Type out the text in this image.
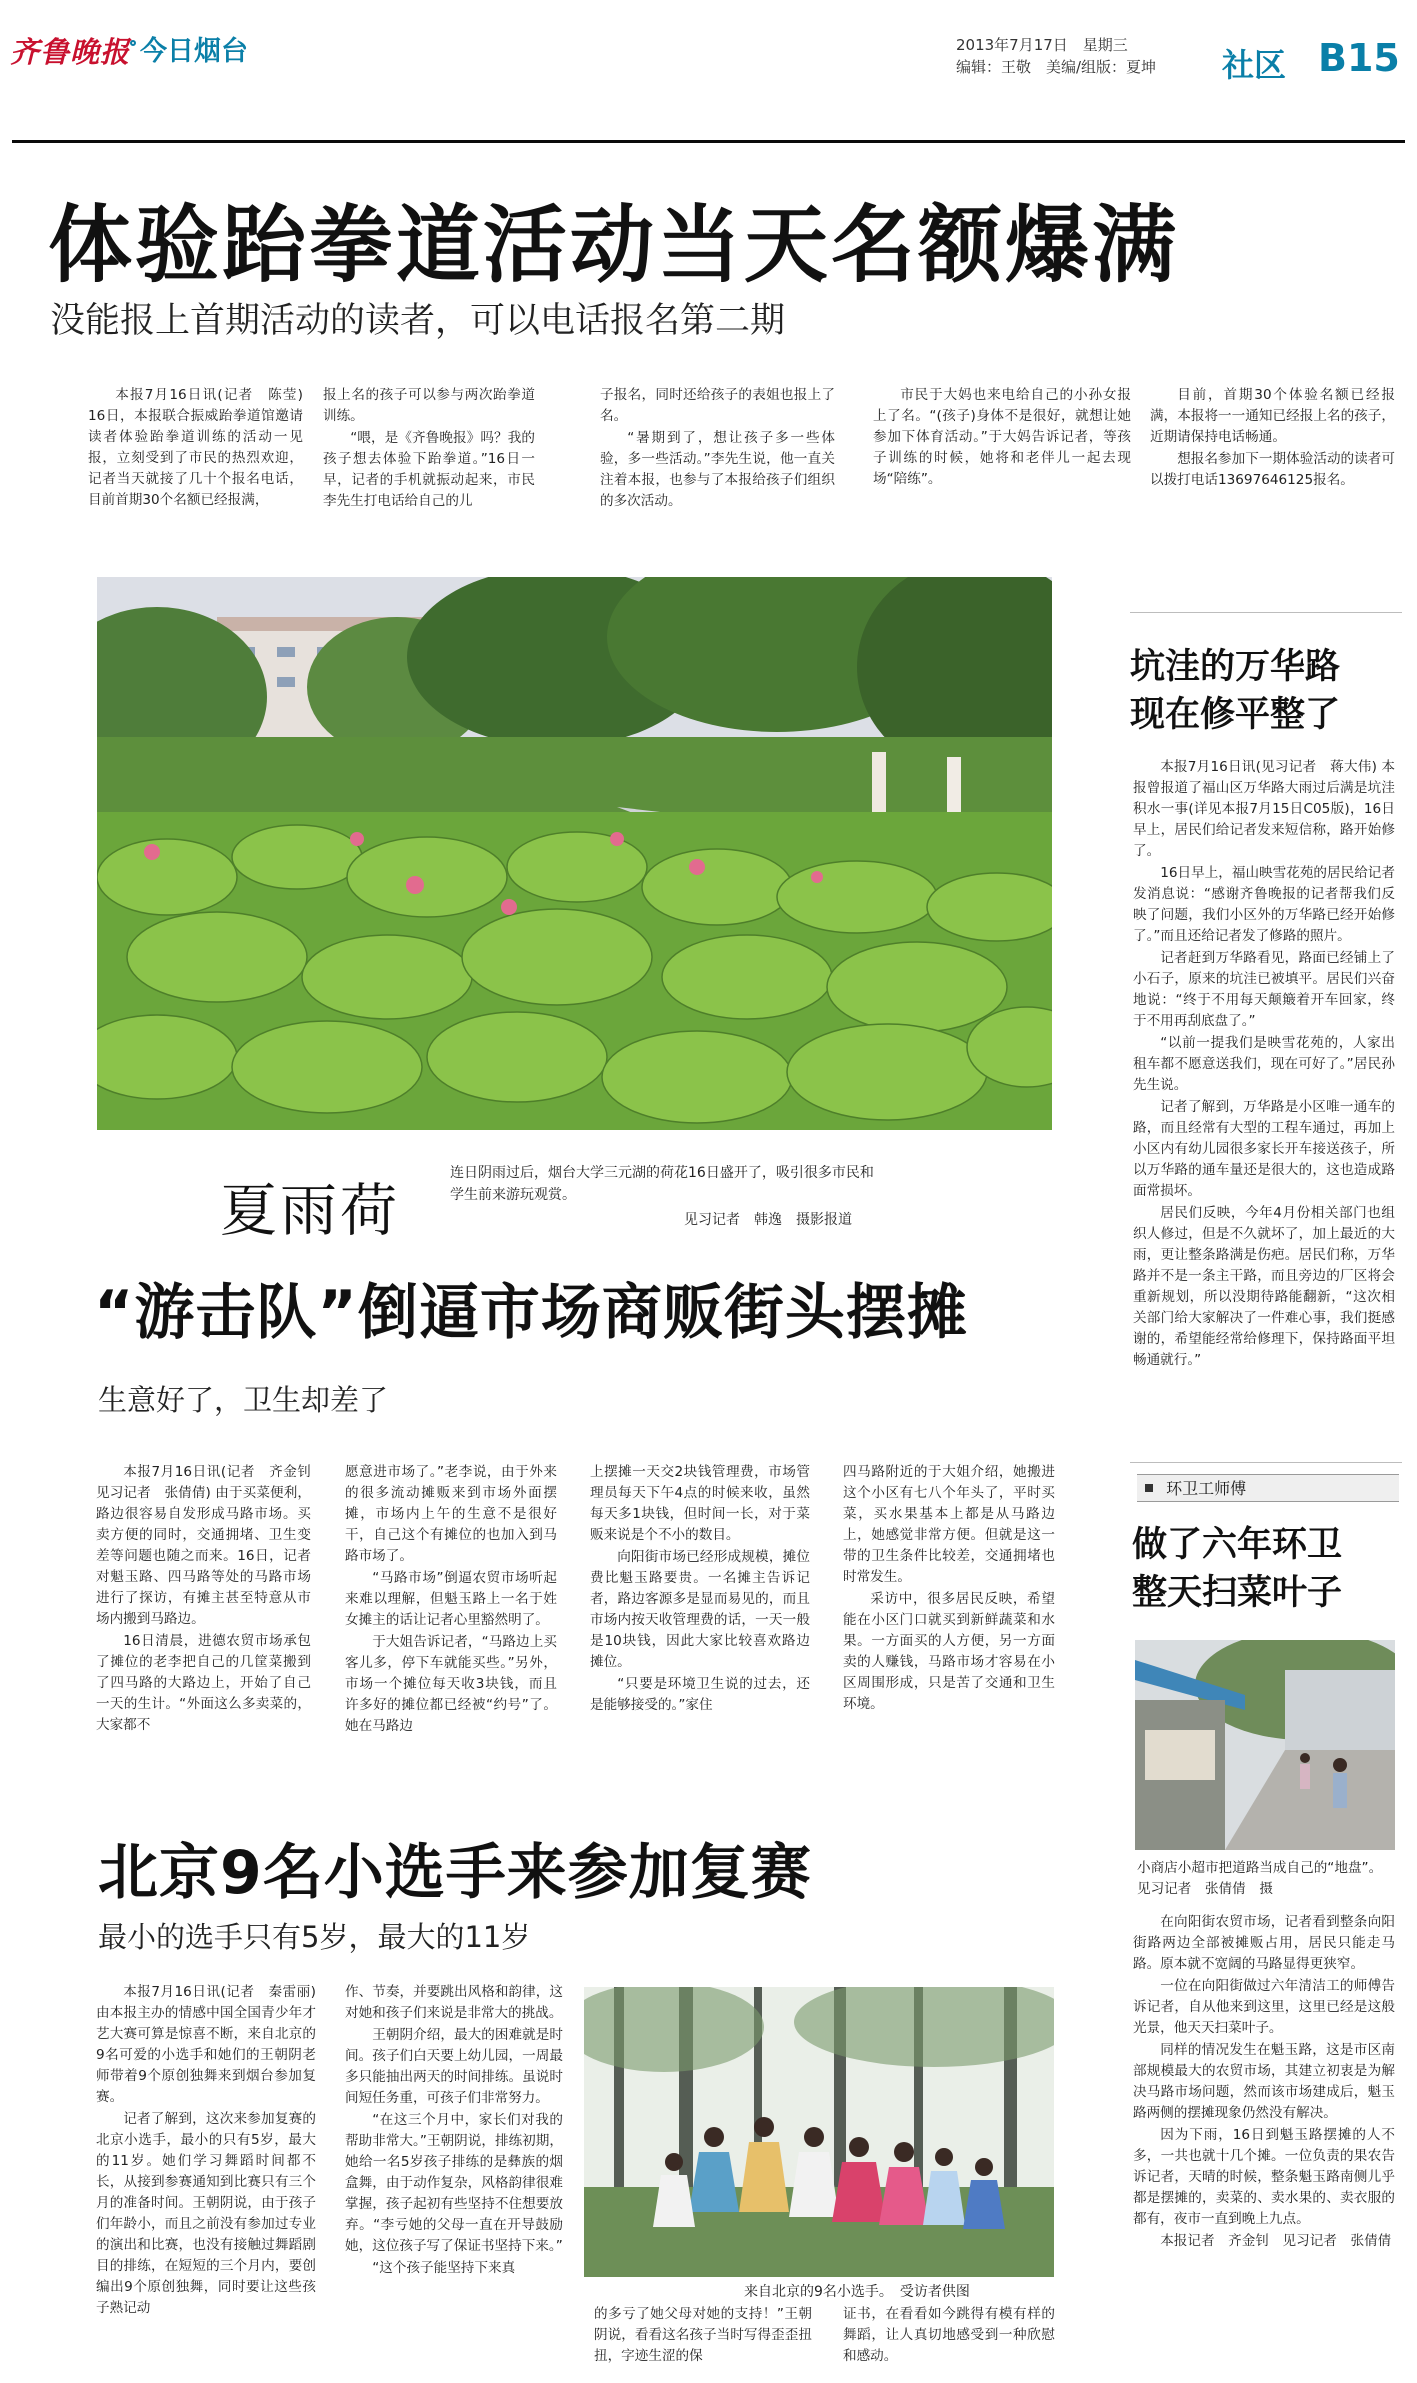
齐鲁晚报 今日烟台	2013年7月17日　星期三
编辑：王敬　美编/组版：夏坤 社区 B15
体验跆拳道活动当天名额爆满
没能报上首期活动的读者，可以电话报名第二期

本报7月16日讯(记者　陈莹) 16日，本报联合振威跆拳道馆邀请读者体验跆拳道训练的活动一见报，立刻受到了市民的热烈欢迎，记者当天就接了几十个报名电话，目前首期30个名额已经报满，

报上名的孩子可以参与两次跆拳道训练。

“喂，是《齐鲁晚报》吗？我的孩子想去体验下跆拳道。”16日一早，记者的手机就振动起来，市民李先生打电话给自己的儿

子报名，同时还给孩子的表姐也报上了名。

“暑期到了，想让孩子多一些体验，多一些活动。”李先生说，他一直关注着本报，也参与了本报给孩子们组织的多次活动。

市民于大妈也来电给自己的小孙女报上了名。“(孩子)身体不是很好，就想让她参加下体育活动。”于大妈告诉记者，等孩子训练的时候，她将和老伴儿一起去现场“陪练”。

目前，首期30个体验名额已经报满，本报将一一通知已经报上名的孩子，近期请保持电话畅通。

想报名参加下一期体验活动的读者可以拨打电话13697646125报名。

夏雨荷
连日阴雨过后，烟台大学三元湖的荷花16日盛开了，吸引很多市民和学生前来游玩观赏。
见习记者　韩逸　摄影报道
“游击队”倒逼市场商贩街头摆摊
生意好了，卫生却差了

本报7月16日讯(记者　齐金钊　见习记者　张倩倩) 由于买菜便利，路边很容易自发形成马路市场。买卖方便的同时，交通拥堵、卫生变差等问题也随之而来。16日，记者对魁玉路、四马路等处的马路市场进行了探访，有摊主甚至特意从市场内搬到马路边。

16日清晨，进德农贸市场承包了摊位的老李把自己的几筐菜搬到了四马路的大路边上，开始了自己一天的生计。“外面这么多卖菜的，大家都不

愿意进市场了。”老李说，由于外来的很多流动摊贩来到市场外面摆摊，市场内上午的生意不是很好干，自己这个有摊位的也加入到马路市场了。

“马路市场”倒逼农贸市场听起来难以理解，但魁玉路上一名于姓女摊主的话让记者心里豁然明了。

于大姐告诉记者，“马路边上买客儿多，停下车就能买些。”另外，市场一个摊位每天收3块钱，而且许多好的摊位都已经被“约号”了。她在马路边

上摆摊一天交2块钱管理费，市场管理员每天下午4点的时候来收，虽然每天多1块钱，但时间一长，对于菜贩来说是个不小的数目。

向阳街市场已经形成规模，摊位费比魁玉路要贵。一名摊主告诉记者，路边客源多是显而易见的，而且市场内按天收管理费的话，一天一般是10块钱，因此大家比较喜欢路边摊位。

“只要是环境卫生说的过去，还是能够接受的。”家住

四马路附近的于大姐介绍，她搬进这个小区有七八个年头了，平时买菜，买水果基本上都是从马路边上，她感觉非常方便。但就是这一带的卫生条件比较差，交通拥堵也时常发生。

采访中，很多居民反映，希望能在小区门口就买到新鲜蔬菜和水果。一方面买的人方便，另一方面卖的人赚钱，马路市场才容易在小区周围形成，只是苦了交通和卫生环境。

北京9名小选手来参加复赛
最小的选手只有5岁，最大的11岁

本报7月16日讯(记者　秦雷丽) 由本报主办的情感中国全国青少年才艺大赛可算是惊喜不断，来自北京的9名可爱的小选手和她们的王朝阴老师带着9个原创独舞来到烟台参加复赛。

记者了解到，这次来参加复赛的北京小选手，最小的只有5岁，最大的11岁。她们学习舞蹈时间都不长，从接到参赛通知到比赛只有三个月的准备时间。王朝阴说，由于孩子们年龄小，而且之前没有参加过专业的演出和比赛，也没有接触过舞蹈剧目的排练，在短短的三个月内，要创编出9个原创独舞，同时要让这些孩子熟记动

作、节奏，并要跳出风格和韵律，这对她和孩子们来说是非常大的挑战。

王朝阴介绍，最大的困难就是时间。孩子们白天要上幼儿园，一周最多只能抽出两天的时间排练。虽说时间短任务重，可孩子们非常努力。

“在这三个月中，家长们对我的帮助非常大。”王朝阴说，排练初期，她给一名5岁孩子排练的是彝族的烟盒舞，由于动作复杂，风格韵律很难掌握，孩子起初有些坚持不住想要放弃。“李亏她的父母一直在开导鼓励她，这位孩子写了保证书坚持下来。”

“这个孩子能坚持下来真

来自北京的9名小选手。　受访者供图

的多亏了她父母对她的支持！”王朝阴说，看看这名孩子当时写得歪歪扭扭，字迹生涩的保

证书，在看看如今跳得有模有样的舞蹈，让人真切地感受到一种欣慰和感动。

坑洼的万华路
现在修平整了

本报7月16日讯(见习记者　蒋大伟) 本报曾报道了福山区万华路大雨过后满是坑洼积水一事(详见本报7月15日C05版)，16日早上，居民们给记者发来短信称，路开始修了。

16日早上，福山映雪花苑的居民给记者发消息说：“感谢齐鲁晚报的记者帮我们反映了问题，我们小区外的万华路已经开始修了。”而且还给记者发了修路的照片。

记者赶到万华路看见，路面已经铺上了小石子，原来的坑洼已被填平。居民们兴奋地说：“终于不用每天颠簸着开车回家，终于不用再刮底盘了。”

“以前一提我们是映雪花苑的，人家出租车都不愿意送我们，现在可好了。”居民孙先生说。

记者了解到，万华路是小区唯一通车的路，而且经常有大型的工程车通过，再加上小区内有幼儿园很多家长开车接送孩子，所以万华路的通车量还是很大的，这也造成路面常损坏。

居民们反映，今年4月份相关部门也组织人修过，但是不久就坏了，加上最近的大雨，更让整条路满是伤疤。居民们称，万华路并不是一条主干路，而且旁边的厂区将会重新规划，所以没期待路能翻新，“这次相关部门给大家解决了一件难心事，我们挺感谢的，希望能经常给修理下，保持路面平坦畅通就行。”

环卫工师傅
做了六年环卫
整天扫菜叶子
小商店小超市把道路当成自己的“地盘”。　见习记者　张倩倩　摄

在向阳街农贸市场，记者看到整条向阳街路两边全部被摊贩占用，居民只能走马路。原本就不宽阔的马路显得更狭窄。

一位在向阳街做过六年清洁工的师傅告诉记者，自从他来到这里，这里已经是这般光景，他天天扫菜叶子。

同样的情况发生在魁玉路，这是市区南部规模最大的农贸市场，其建立初衷是为解决马路市场问题，然而该市场建成后，魁玉路两侧的摆摊现象仍然没有解决。

因为下雨，16日到魁玉路摆摊的人不多，一共也就十几个摊。一位负责的果农告诉记者，天晴的时候，整条魁玉路南侧儿乎都是摆摊的，卖菜的、卖水果的、卖衣服的都有，夜市一直到晚上九点。

本报记者　齐金钊　见习记者　张倩倩
